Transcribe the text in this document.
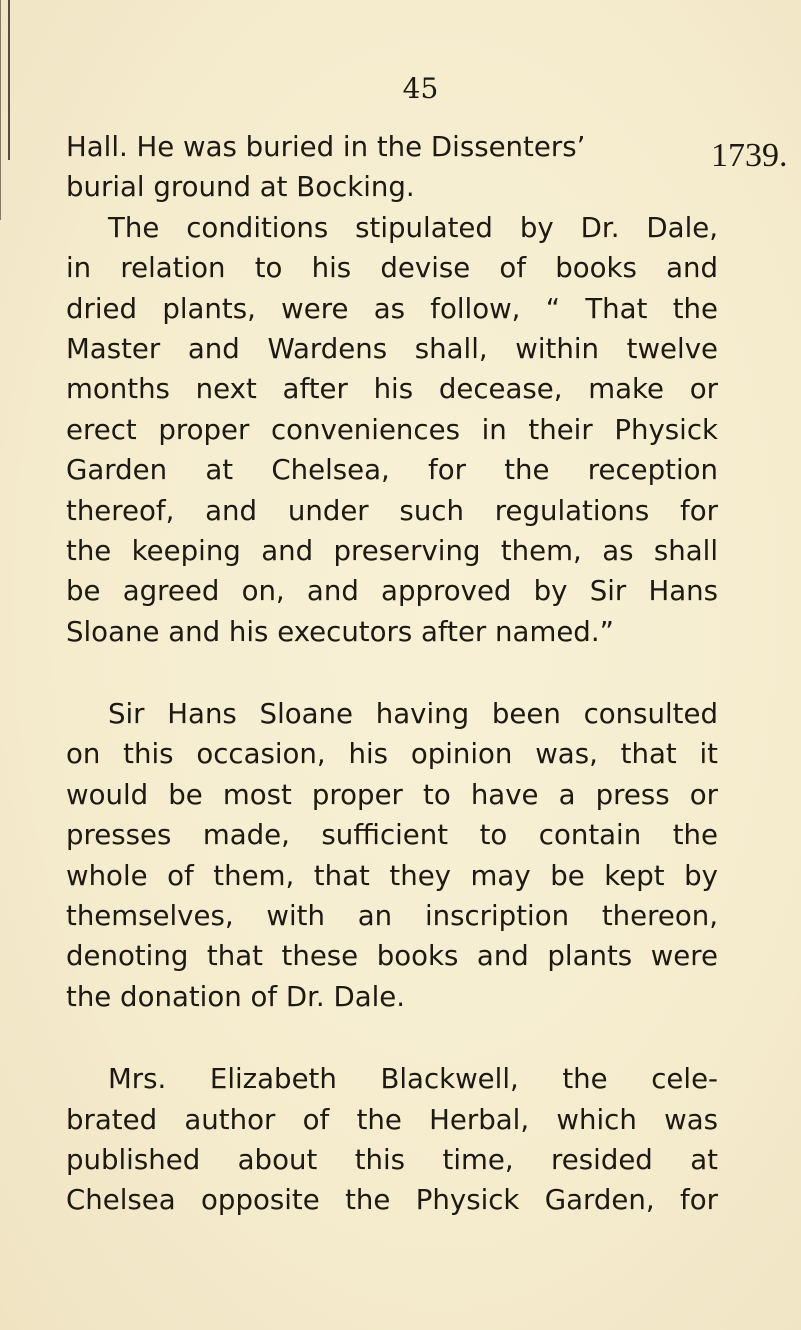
45
1739.
Hall. He was buried in the Dissenters’
burial ground at Bocking.
The conditions stipulated by Dr. Dale,
in relation to his devise of books and
dried plants, were as follow, “ That the
Master and Wardens shall, within twelve
months next after his decease, make or
erect proper conveniences in their Physick
Garden at Chelsea, for the reception
thereof, and under such regulations for
the keeping and preserving them, as shall
be agreed on, and approved by Sir Hans
Sloane and his executors after named.”
Sir Hans Sloane having been consulted
on this occasion, his opinion was, that it
would be most proper to have a press or
presses made, sufficient to contain the
whole of them, that they may be kept by
themselves, with an inscription thereon,
denoting that these books and plants were
the donation of Dr. Dale.
Mrs. Elizabeth Blackwell, the cele-
brated author of the Herbal, which was
published about this time, resided at
Chelsea opposite the Physick Garden, for
